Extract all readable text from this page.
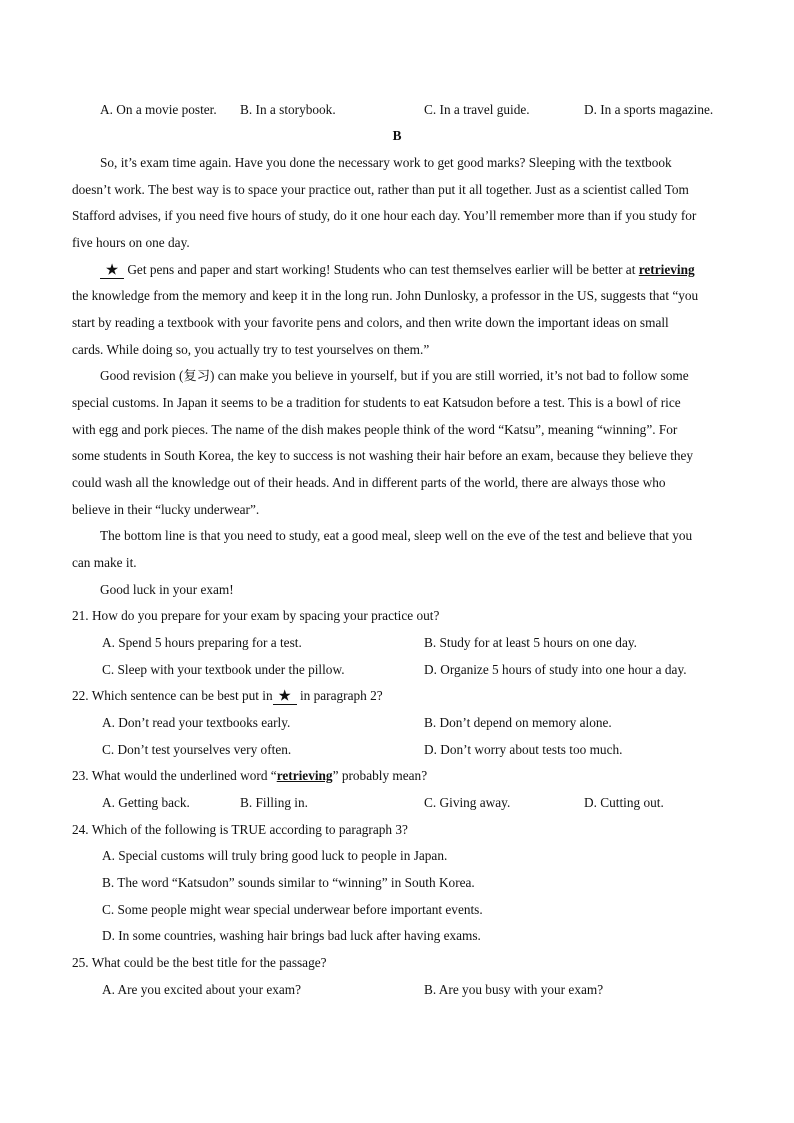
A. On a movie poster. B. In a storybook.	C. In a travel guide.	D. In a sports magazine.
B
So, it’s exam time again. Have you done the necessary work to get good marks? Sleeping with the textbook
doesn’t work. The best way is to space your practice out, rather than put it all together. Just as a scientist called Tom
Stafford advises, if you need five hours of study, do it one hour each day. You’ll remember more than if you study for
five hours on one day.
★ Get pens and paper and start working! Students who can test themselves earlier will be better at retrieving
the knowledge from the memory and keep it in the long run. John Dunlosky, a professor in the US, suggests that “you
start by reading a textbook with your favorite pens and colors, and then write down the important ideas on small
cards. While doing so, you actually try to test yourselves on them.”
Good revision (复习) can make you believe in yourself, but if you are still worried, it’s not bad to follow some
special customs. In Japan it seems to be a tradition for students to eat Katsudon before a test. This is a bowl of rice
with egg and pork pieces. The name of the dish makes people think of the word “Katsu”, meaning “winning”. For
some students in South Korea, the key to success is not washing their hair before an exam, because they believe they
could wash all the knowledge out of their heads. And in different parts of the world, there are always those who
believe in their “lucky underwear”.
The bottom line is that you need to study, eat a good meal, sleep well on the eve of the test and believe that you
can make it.
Good luck in your exam!
21. How do you prepare for your exam by spacing your practice out?
A. Spend 5 hours preparing for a test.	B. Study for at least 5 hours on one day.
C. Sleep with your textbook under the pillow.	D. Organize 5 hours of study into one hour a day.
22. Which sentence can be best put in ★ in paragraph 2?
A. Don’t read your textbooks early.	B. Don’t depend on memory alone.
C. Don’t test yourselves very often.	D. Don’t worry about tests too much.
23. What would the underlined word “retrieving” probably mean?
A. Getting back.	B. Filling in.	C. Giving away.	D. Cutting out.
24. Which of the following is TRUE according to paragraph 3?
A. Special customs will truly bring good luck to people in Japan.
B. The word “Katsudon” sounds similar to “winning” in South Korea.
C. Some people might wear special underwear before important events.
D. In some countries, washing hair brings bad luck after having exams.
25. What could be the best title for the passage?
A. Are you excited about your exam?	B. Are you busy with your exam?
